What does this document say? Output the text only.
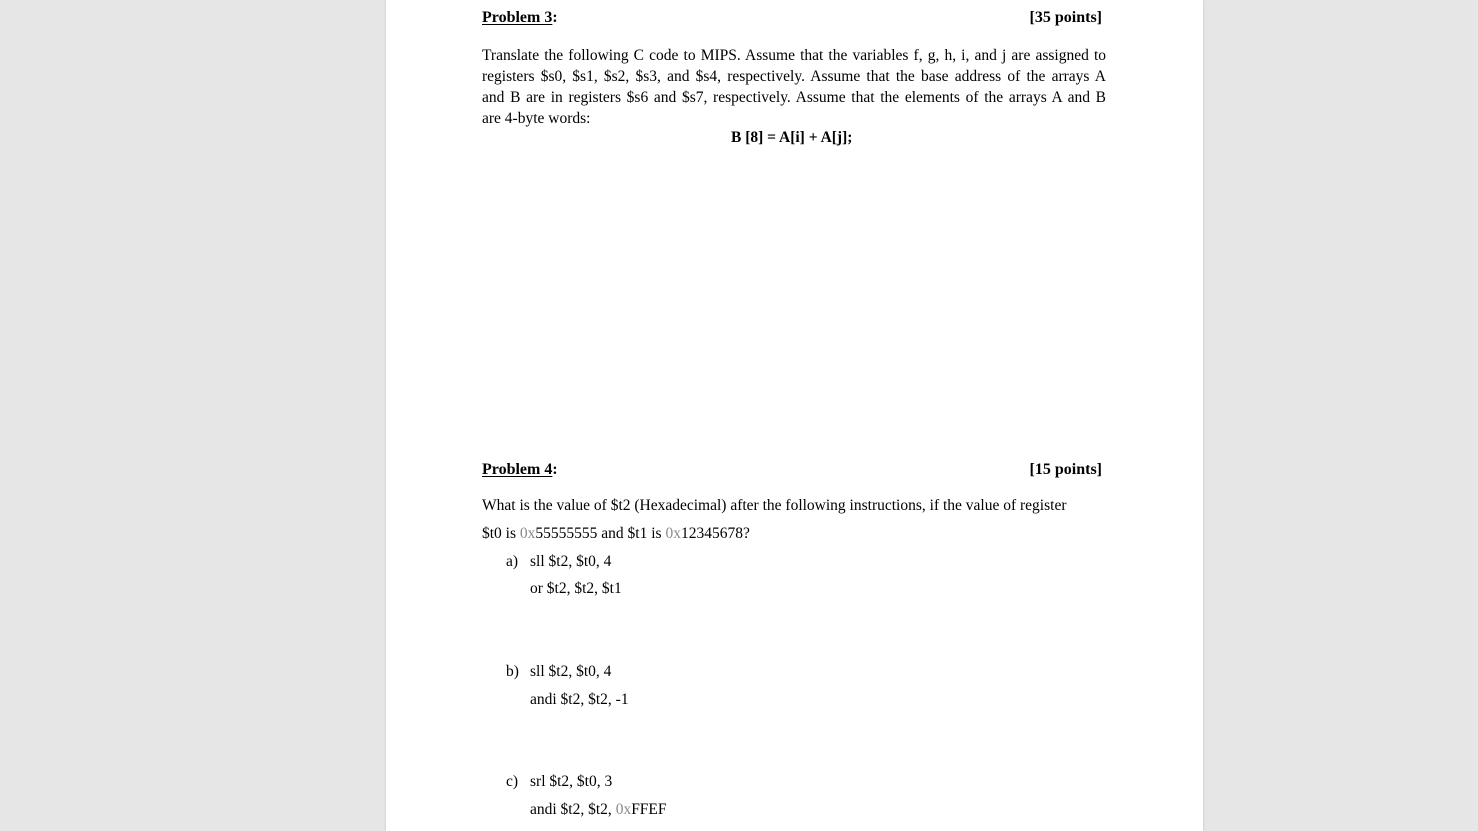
Problem 3:	[35 points]
Translate the following C code to MIPS. Assume that the variables f, g, h, i, and j are assigned to
registers $s0, $s1, $s2, $s3, and $s4, respectively. Assume that the base address of the arrays A
and B are in registers $s6 and $s7, respectively. Assume that the elements of the arrays A and B
are 4-byte words:
B [8] = A[i] + A[j];
Problem 4:	[15 points]
What is the value of $t2 (Hexadecimal) after the following instructions, if the value of register
$t0 is 0x55555555 and $t1 is 0x12345678?
a) sll $t2, $t0, 4
or $t2, $t2, $t1
b) sll $t2, $t0, 4
andi $t2, $t2, -1
c) srl $t2, $t0, 3
andi $t2, $t2, 0xFFEF
